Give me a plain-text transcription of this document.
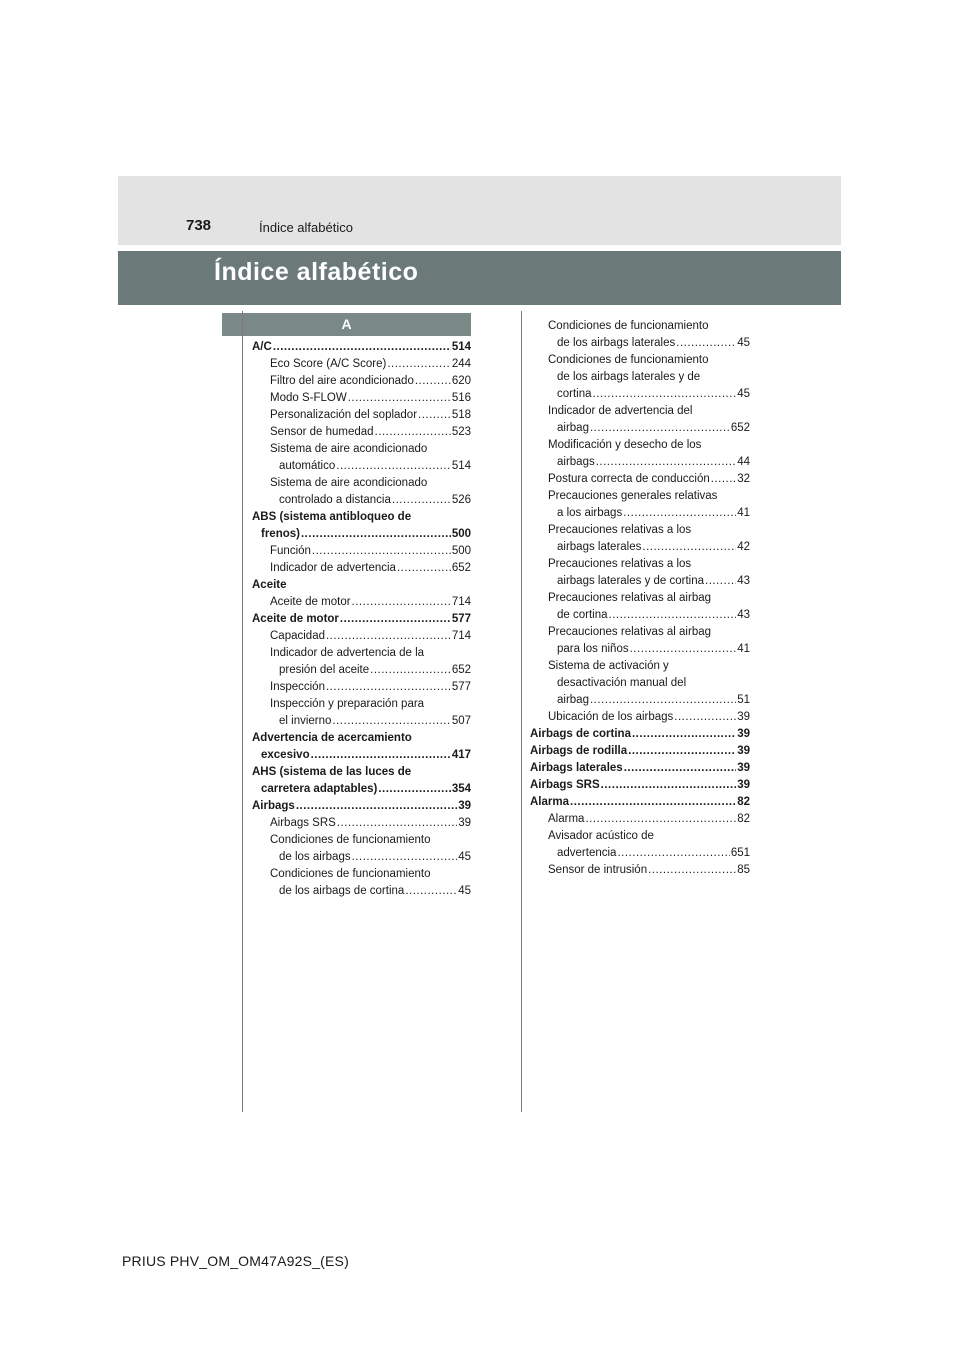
738	Índice alfabético
Índice alfabético
A
A/C .....	514
Eco Score (A/C Score) .....	244
Filtro del aire acondicionado .....	620
Modo S-FLOW .....	516
Personalización del soplador .....	518
Sensor de humedad .....	523
Sistema de aire acondicionado
automático .....	514
Sistema de aire acondicionado
controlado a distancia .....	526
ABS (sistema antibloqueo de
frenos) .....	500
Función .....	500
Indicador de advertencia .....	652
Aceite
Aceite de motor .....	714
Aceite de motor .....	577
Capacidad .....	714
Indicador de advertencia de la
presión del aceite .....	652
Inspección .....	577
Inspección y preparación para
el invierno .....	507
Advertencia de acercamiento
excesivo .....	417
AHS (sistema de las luces de
carretera adaptables) .....	354
Airbags .....	39
Airbags SRS .....	39
Condiciones de funcionamiento
de los airbags .....	45
Condiciones de funcionamiento
de los airbags de cortina .....	45
Condiciones de funcionamiento
de los airbags laterales .....	45
Condiciones de funcionamiento
de los airbags laterales y de
cortina .....	45
Indicador de advertencia del
airbag .....	652
Modificación y desecho de los
airbags .....	44
Postura correcta de conducción ..... 32
Precauciones generales relativas
a los airbags .....	41
Precauciones relativas a los
airbags laterales .....	42
Precauciones relativas a los
airbags laterales y de cortina .....	43
Precauciones relativas al airbag
de cortina .....	43
Precauciones relativas al airbag
para los niños .....	41
Sistema de activación y
desactivación manual del
airbag .....	51
Ubicación de los airbags .....	39
Airbags de cortina .....	39
Airbags de rodilla .....	39
Airbags laterales .....	39
Airbags SRS .....	39
Alarma .....	82
Alarma .....	82
Avisador acústico de
advertencia .....	651
Sensor de intrusión .....	85
PRIUS PHV_OM_OM47A92S_(ES)
